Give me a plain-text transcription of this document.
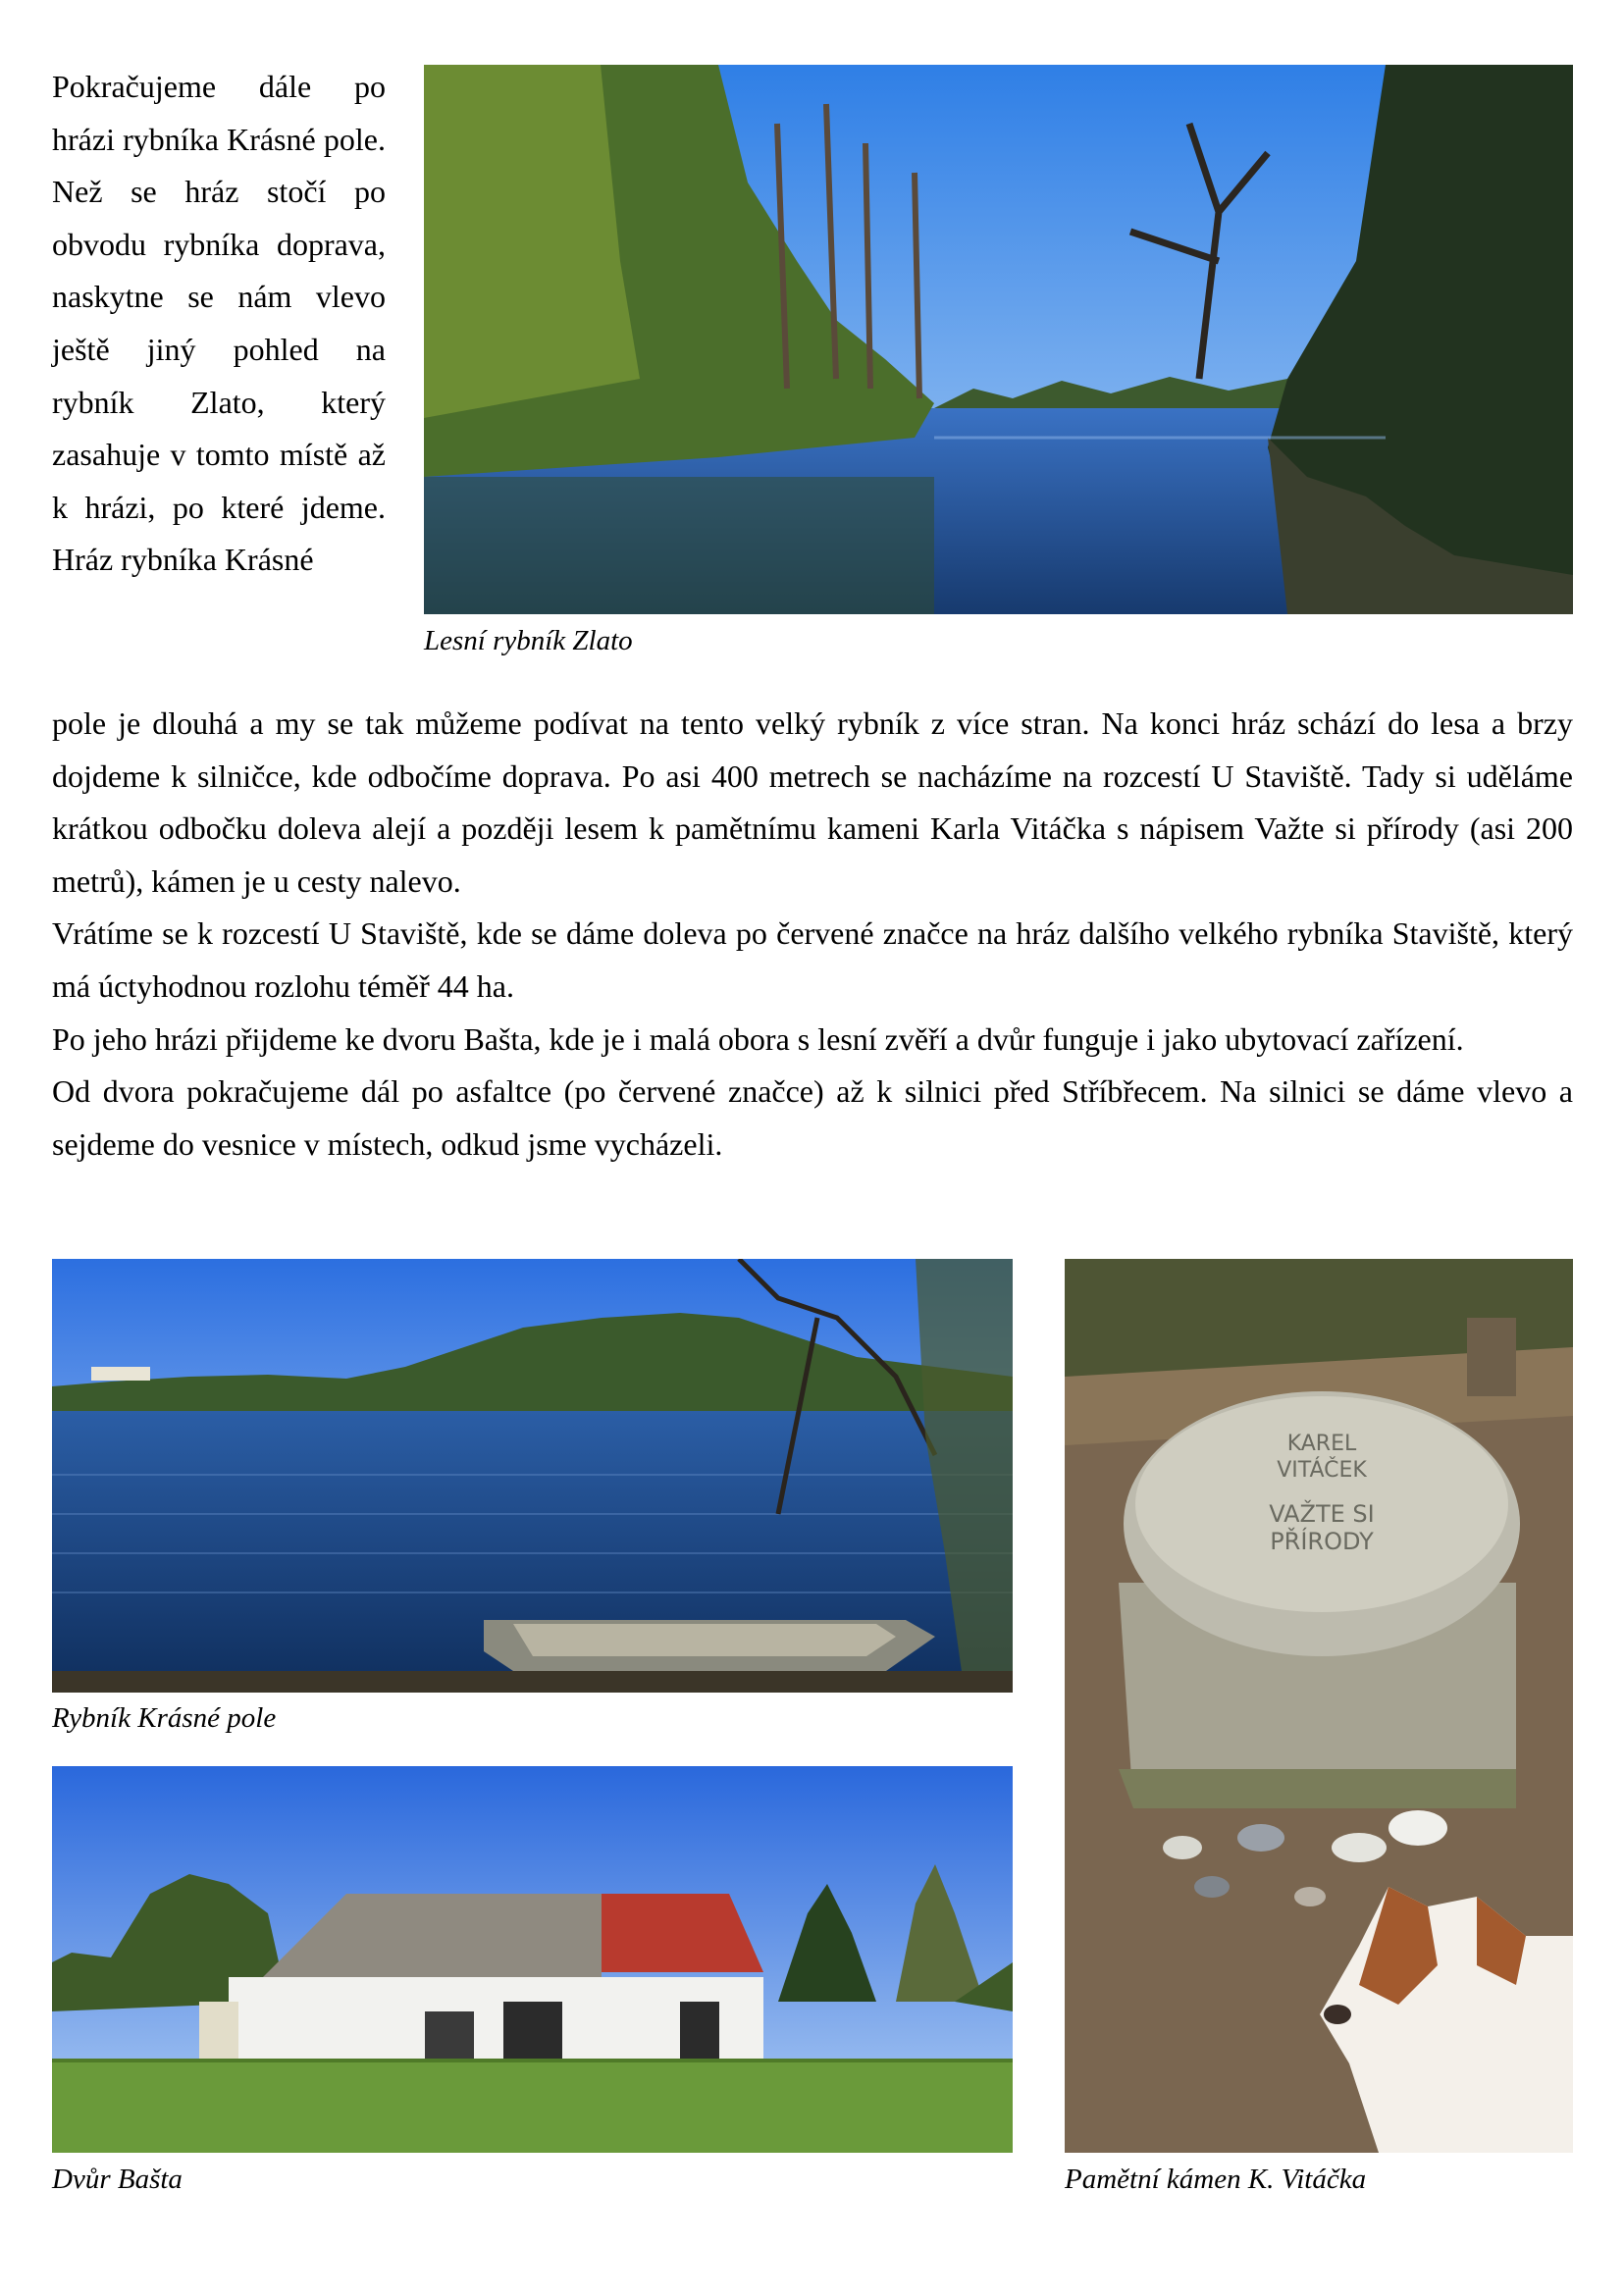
Pokračujeme dále po hrázi rybníka Krásné pole. Než se hráz stočí po obvodu rybníka doprava, naskytne se nám vlevo ještě jiný pohled na rybník Zlato, který zasahuje v tomto místě až k hrázi, po které jdeme. Hráz rybníka Krásné

Lesní rybník Zlato

pole je dlouhá a my se tak můžeme podívat na tento velký rybník z více stran. Na konci hráz schází do lesa a brzy dojdeme k silničce, kde odbočíme doprava. Po asi 400 metrech se nacházíme na rozcestí U Staviště. Tady si uděláme krátkou odbočku doleva alejí a později lesem k pamětnímu kameni Karla Vitáčka s nápisem Važte si přírody (asi 200 metrů), kámen je u cesty nalevo.

Vrátíme se k rozcestí U Staviště, kde se dáme doleva po červené značce na hráz dalšího velkého rybníka Staviště, který má úctyhodnou rozlohu téměř 44 ha.

Po jeho hrázi přijdeme ke dvoru Bašta, kde je i malá obora s lesní zvěří a dvůr funguje i jako ubytovací zařízení.

Od dvora pokračujeme dál po asfaltce (po červené značce) až k silnici před Stříbřecem. Na silnici se dáme vlevo a sejdeme do vesnice v místech, odkud jsme vycházeli.

Rybník Krásné pole
Dvůr Bašta
KAREL
VITÁČEK
VAŽTE SI
PŘÍRODY
Pamětní kámen K. Vitáčka
